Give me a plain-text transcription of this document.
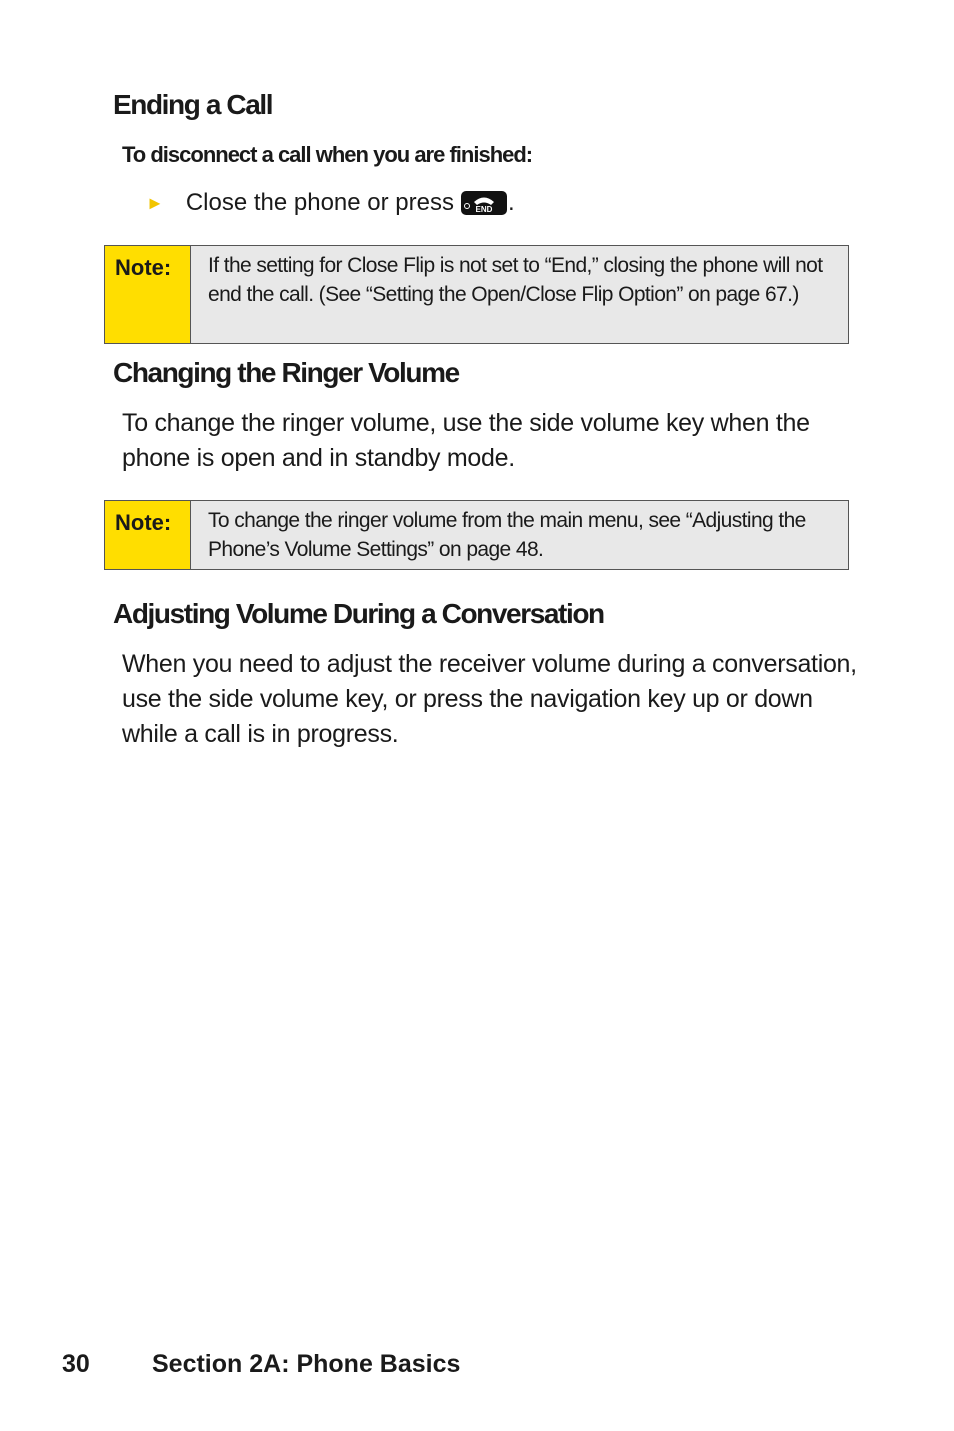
Ending a Call

To disconnect a call when you are finished:

► Close the phone or press	END .
Note:	If the setting for Close Flip is not set to “End,” closing the phone will not end the call. (See “Setting the Open/Close Flip Option” on page 67.)
Changing the Ringer Volume

To change the ringer volume, use the side volume key when the phone is open and in standby mode.

Note:	To change the ringer volume from the main menu, see “Adjusting the Phone’s Volume Settings” on page 48.
Adjusting Volume During a Conversation

When you need to adjust the receiver volume during a conversation, use the side volume key, or press the navigation key up or down while a call is in progress.

30 Section 2A: Phone Basics
